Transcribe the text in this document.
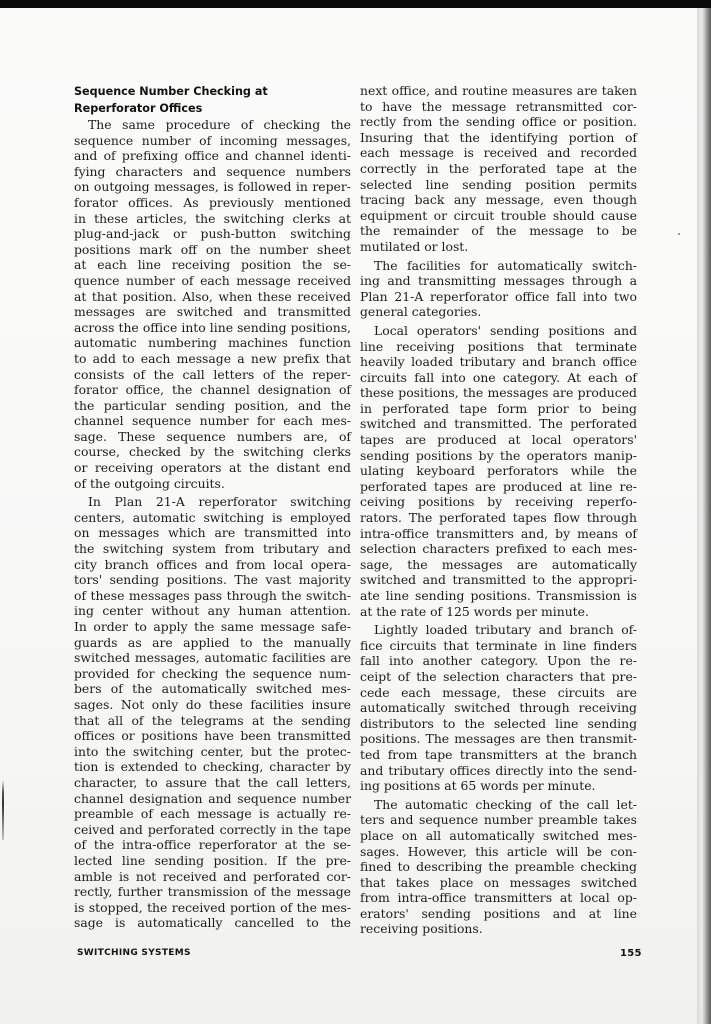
Sequence Number Checking at
Reperforator Offices
The same procedure of checking the
sequence number of incoming messages,
and of prefixing office and channel identi-
fying characters and sequence numbers
on outgoing messages, is followed in reper-
forator offices. As previously mentioned
in these articles, the switching clerks at
plug-and-jack or push-button switching
positions mark off on the number sheet
at each line receiving position the se-
quence number of each message received
at that position. Also, when these received
messages are switched and transmitted
across the office into line sending positions,
automatic numbering machines function
to add to each message a new prefix that
consists of the call letters of the reper-
forator office, the channel designation of
the particular sending position, and the
channel sequence number for each mes-
sage. These sequence numbers are, of
course, checked by the switching clerks
or receiving operators at the distant end
of the outgoing circuits.
In Plan 21-A reperforator switching
centers, automatic switching is employed
on messages which are transmitted into
the switching system from tributary and
city branch offices and from local opera-
tors' sending positions. The vast majority
of these messages pass through the switch-
ing center without any human attention.
In order to apply the same message safe-
guards as are applied to the manually
switched messages, automatic facilities are
provided for checking the sequence num-
bers of the automatically switched mes-
sages. Not only do these facilities insure
that all of the telegrams at the sending
offices or positions have been transmitted
into the switching center, but the protec-
tion is extended to checking, character by
character, to assure that the call letters,
channel designation and sequence number
preamble of each message is actually re-
ceived and perforated correctly in the tape
of the intra-office reperforator at the se-
lected line sending position. If the pre-
amble is not received and perforated cor-
rectly, further transmission of the message
is stopped, the received portion of the mes-
sage is automatically cancelled to the
next office, and routine measures are taken
to have the message retransmitted cor-
rectly from the sending office or position.
Insuring that the identifying portion of
each message is received and recorded
correctly in the perforated tape at the
selected line sending position permits
tracing back any message, even though
equipment or circuit trouble should cause
the remainder of the message to be
mutilated or lost.
The facilities for automatically switch-
ing and transmitting messages through a
Plan 21-A reperforator office fall into two
general categories.
Local operators' sending positions and
line receiving positions that terminate
heavily loaded tributary and branch office
circuits fall into one category. At each of
these positions, the messages are produced
in perforated tape form prior to being
switched and transmitted. The perforated
tapes are produced at local operators'
sending positions by the operators manip-
ulating keyboard perforators while the
perforated tapes are produced at line re-
ceiving positions by receiving reperfo-
rators. The perforated tapes flow through
intra-office transmitters and, by means of
selection characters prefixed to each mes-
sage, the messages are automatically
switched and transmitted to the appropri-
ate line sending positions. Transmission is
at the rate of 125 words per minute.
Lightly loaded tributary and branch of-
fice circuits that terminate in line finders
fall into another category. Upon the re-
ceipt of the selection characters that pre-
cede each message, these circuits are
automatically switched through receiving
distributors to the selected line sending
positions. The messages are then transmit-
ted from tape transmitters at the branch
and tributary offices directly into the send-
ing positions at 65 words per minute.
The automatic checking of the call let-
ters and sequence number preamble takes
place on all automatically switched mes-
sages. However, this article will be con-
fined to describing the preamble checking
that takes place on messages switched
from intra-office transmitters at local op-
erators' sending positions and at line
receiving positions.
SWITCHING SYSTEMS	155
